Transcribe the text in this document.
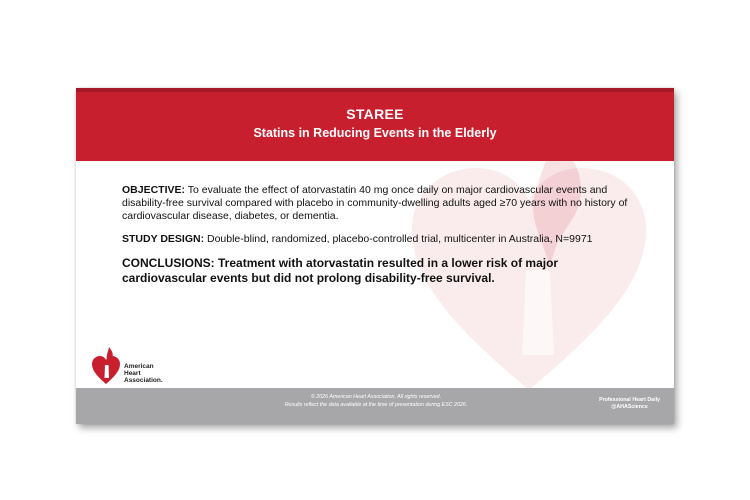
STAREE
Statins in Reducing Events in the Elderly

OBJECTIVE: To evaluate the effect of atorvastatin 40 mg once daily on major cardiovascular events and disability-free survival compared with placebo in community-dwelling adults aged ≥70 years with no history of cardiovascular disease, diabetes, or dementia.

STUDY DESIGN: Double-blind, randomized, placebo-controlled trial, multicenter in Australia, N=9971

CONCLUSIONS: Treatment with atorvastatin resulted in a lower risk of major cardiovascular events but did not prolong disability-free survival.

American
Heart
Association.
© 2026 American Heart Association. All rights reserved.
Results reflect the data available at the time of presentation during ESC 2026.
Professional Heart Daily
@AHAScience
